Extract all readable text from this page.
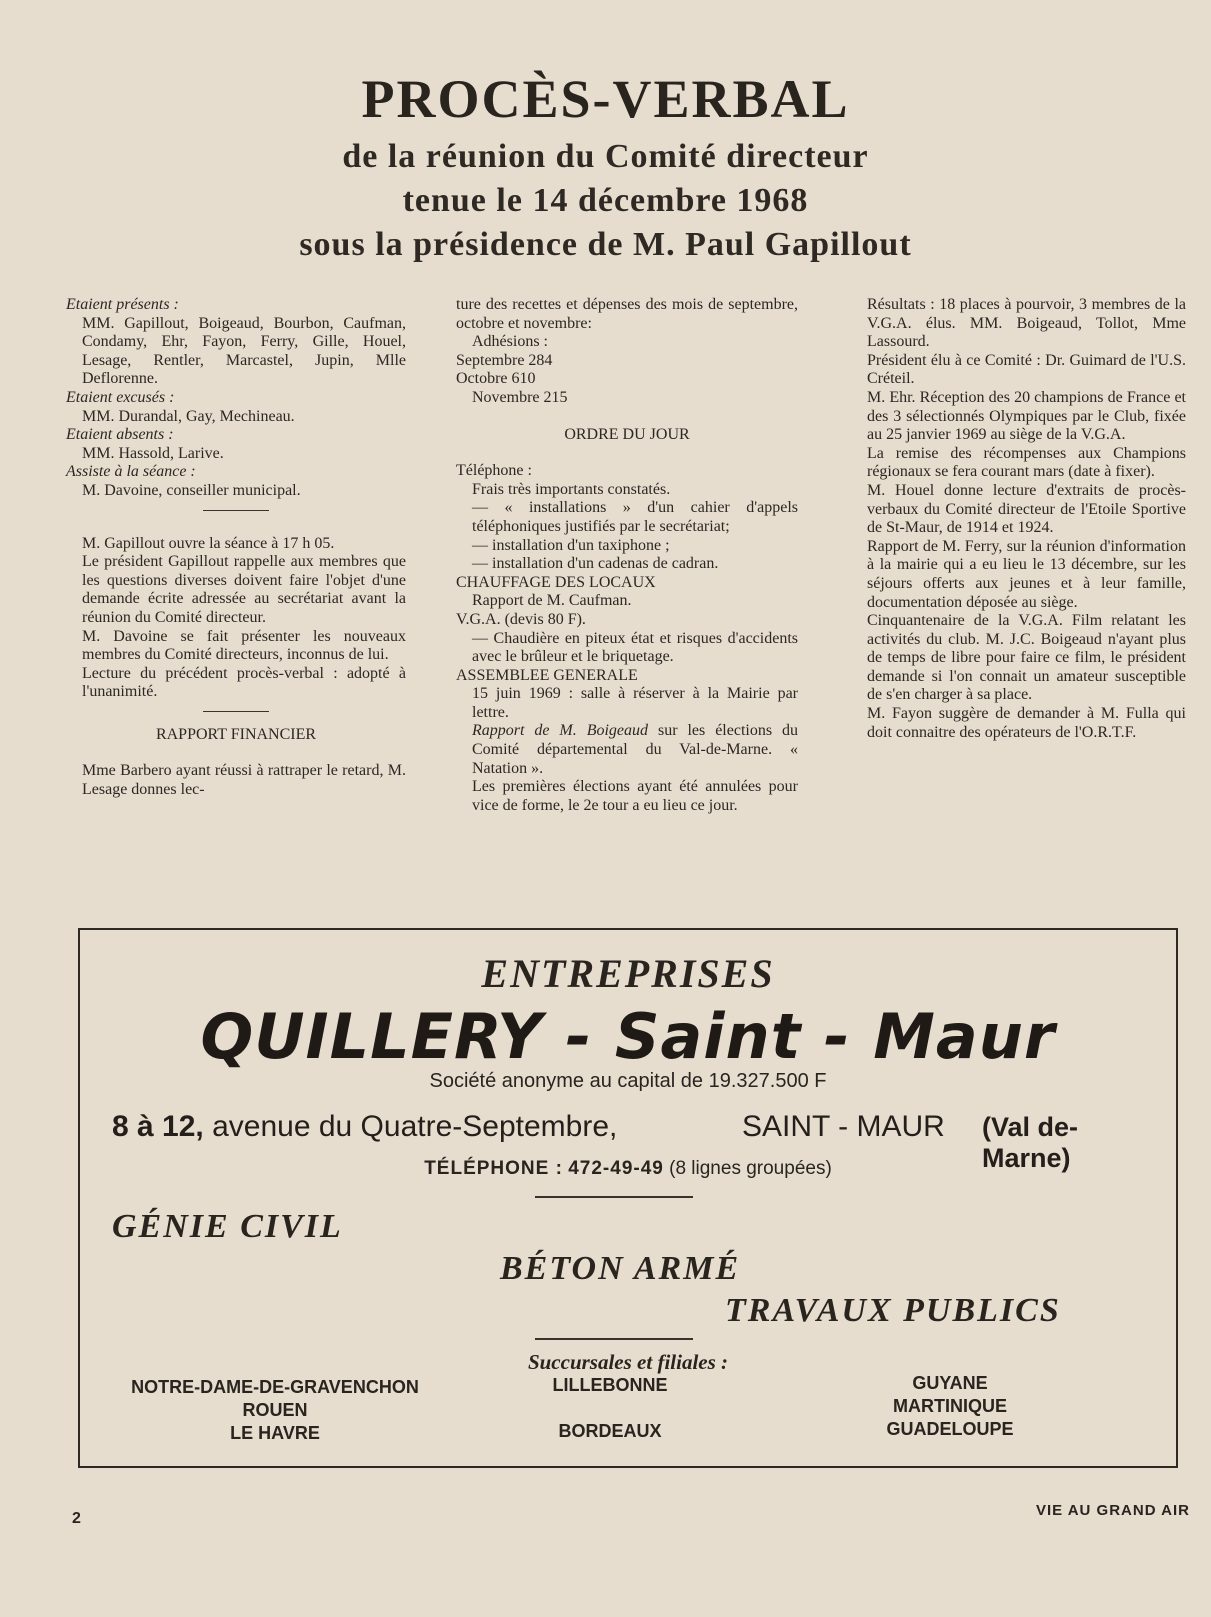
PROCÈS-VERBAL
de la réunion du Comité directeur
tenue le 14 décembre 1968
sous la présidence de M. Paul Gapillout

Etaient présents :

MM. Gapillout, Boigeaud, Bourbon, Caufman, Condamy, Ehr, Fayon, Ferry, Gille, Houel, Lesage, Rentler, Marcastel, Jupin, Mlle Deflorenne.

Etaient excusés :

MM. Durandal, Gay, Mechineau.

Etaient absents :

MM. Hassold, Larive.

Assiste à la séance :

M. Davoine, conseiller municipal.

M. Gapillout ouvre la séance à 17 h 05.

Le président Gapillout rappelle aux membres que les questions diverses doivent faire l'objet d'une demande écrite adressée au secrétariat avant la réunion du Comité directeur.

M. Davoine se fait présenter les nouveaux membres du Comité directeurs, inconnus de lui.

Lecture du précédent procès-verbal : adopté à l'unanimité.

RAPPORT FINANCIER

Mme Barbero ayant réussi à rattraper le retard, M. Lesage donnes lec-

ture des recettes et dépenses des mois de septembre, octobre et novembre:

Adhésions :

Septembre 284

Octobre 610

Novembre 215

ORDRE DU JOUR

Téléphone :

Frais très importants constatés.

— « installations » d'un cahier d'appels téléphoniques justifiés par le secrétariat;

— installation d'un taxiphone ;

— installation d'un cadenas de cadran.

CHAUFFAGE DES LOCAUX

Rapport de M. Caufman.

V.G.A. (devis 80 F).

— Chaudière en piteux état et risques d'accidents avec le brûleur et le briquetage.

ASSEMBLEE GENERALE

15 juin 1969 : salle à réserver à la Mairie par lettre.

Rapport de M. Boigeaud sur les élections du Comité départemental du Val-de-Marne. « Natation ».

Les premières élections ayant été annulées pour vice de forme, le 2e tour a eu lieu ce jour.

Résultats : 18 places à pourvoir, 3 membres de la V.G.A. élus. MM. Boigeaud, Tollot, Mme Lassourd.

Président élu à ce Comité : Dr. Guimard de l'U.S. Créteil.

M. Ehr. Réception des 20 champions de France et des 3 sélectionnés Olympiques par le Club, fixée au 25 janvier 1969 au siège de la V.G.A.

La remise des récompenses aux Champions régionaux se fera courant mars (date à fixer).

M. Houel donne lecture d'extraits de procès-verbaux du Comité directeur de l'Etoile Sportive de St-Maur, de 1914 et 1924.

Rapport de M. Ferry, sur la réunion d'information à la mairie qui a eu lieu le 13 décembre, sur les séjours offerts aux jeunes et à leur famille, documentation déposée au siège.

Cinquantenaire de la V.G.A. Film relatant les activités du club. M. J.C. Boigeaud n'ayant plus de temps de libre pour faire ce film, le président demande si l'on connait un amateur susceptible de s'en charger à sa place.

M. Fayon suggère de demander à M. Fulla qui doit connaitre des opérateurs de l'O.R.T.F.

ENTREPRISES
QUILLERY - Saint - Maur
Société anonyme au capital de 19.327.500 F
8 à 12, avenue du Quatre-Septembre,	SAINT - MAUR (Val de-Marne)
TÉLÉPHONE : 472-49-49 (8 lignes groupées)
GÉNIE CIVIL
BÉTON ARMÉ
TRAVAUX PUBLICS
Succursales et filiales :
NOTRE-DAME-DE-GRAVENCHON
ROUEN
LE HAVRE
LILLEBONNE
BORDEAUX
GUYANE
MARTINIQUE
GUADELOUPE
2	VIE AU GRAND AIR
